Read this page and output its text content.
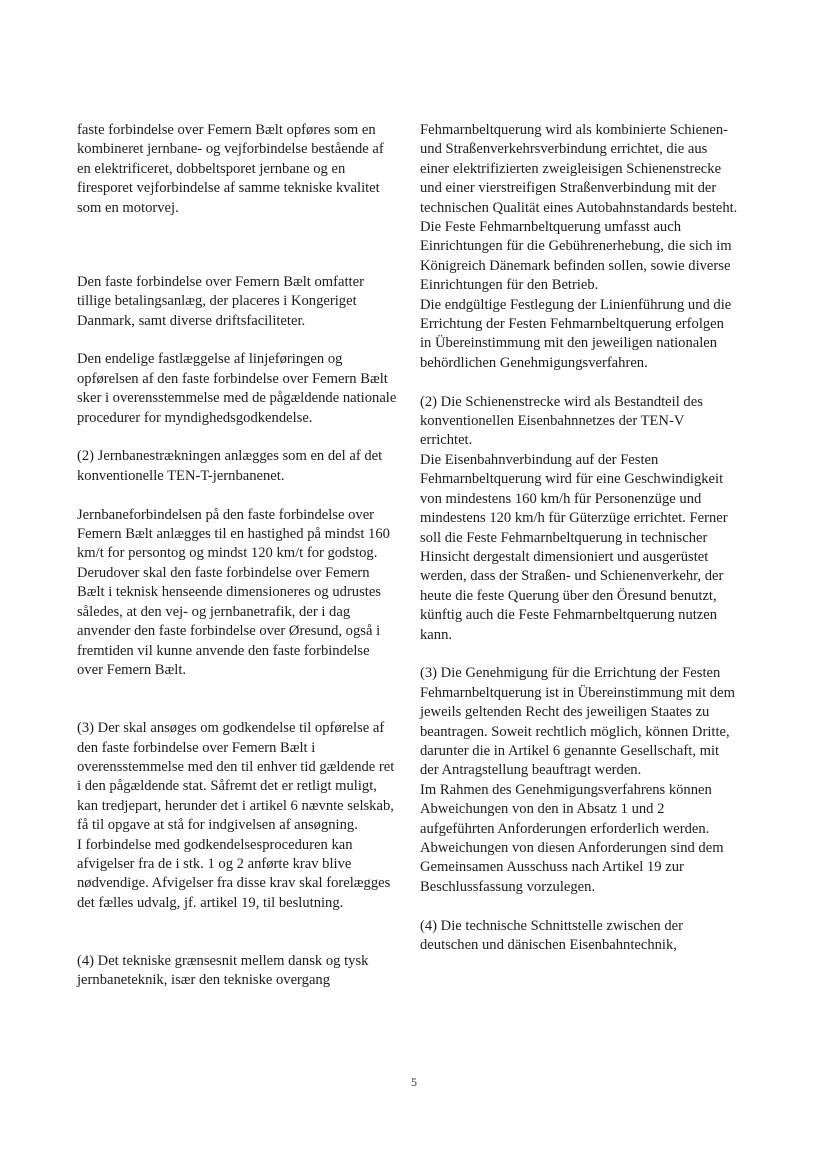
faste forbindelse over Femern Bælt opføres som en kombineret jernbane- og vejforbindelse bestående af en elektrificeret, dobbeltsporet jernbane og en firesporet vejforbindelse af samme tekniske kvalitet som en motorvej.

Den faste forbindelse over Femern Bælt omfatter tillige betalingsanlæg, der placeres i Kongeriget Danmark, samt diverse driftsfaciliteter.

Den endelige fastlæggelse af linjeføringen og opførelsen af den faste forbindelse over Femern Bælt sker i overensstemmelse med de pågældende nationale procedurer for myndighedsgodkendelse.

(2) Jernbanestrækningen anlægges som en del af det konventionelle TEN-T-jernbanenet.

Jernbaneforbindelsen på den faste forbindelse over Femern Bælt anlægges til en hastighed på mindst 160 km/t for persontog og mindst 120 km/t for godstog. Derudover skal den faste forbindelse over Femern Bælt i teknisk henseende dimensioneres og udrustes således, at den vej- og jernbanetrafik, der i dag anvender den faste forbindelse over Øresund, også i fremtiden vil kunne anvende den faste forbindelse over Femern Bælt.

(3) Der skal ansøges om godkendelse til opførelse af den faste forbindelse over Femern Bælt i overensstemmelse med den til enhver tid gældende ret i den pågældende stat. Såfremt det er retligt muligt, kan tredjepart, herunder det i artikel 6 nævnte selskab, få til opgave at stå for indgivelsen af ansøgning.

I forbindelse med godkendelsesproceduren kan afvigelser fra de i stk. 1 og 2 anførte krav blive nødvendige. Afvigelser fra disse krav skal forelægges det fælles udvalg, jf. artikel 19, til beslutning.

(4) Det tekniske grænsesnit mellem dansk og tysk jernbaneteknik, især den tekniske overgang

Fehmarnbeltquerung wird als kombinierte Schienen- und Straßenverkehrsverbindung errichtet, die aus einer elektrifizierten zweigleisigen Schienenstrecke und einer vierstreifigen Straßenverbindung mit der technischen Qualität eines Autobahnstandards besteht.

Die Feste Fehmarnbeltquerung umfasst auch Einrichtungen für die Gebührenerhebung, die sich im Königreich Dänemark befinden sollen, sowie diverse Einrichtungen für den Betrieb.

Die endgültige Festlegung der Linienführung und die Errichtung der Festen Fehmarnbeltquerung erfolgen in Übereinstimmung mit den jeweiligen nationalen behördlichen Genehmigungsverfahren.

(2) Die Schienenstrecke wird als Bestandteil des konventionellen Eisenbahnnetzes der TEN-V errichtet.

Die Eisenbahnverbindung auf der Festen Fehmarnbeltquerung wird für eine Geschwindigkeit von mindestens 160 km/h für Personenzüge und mindestens 120 km/h für Güterzüge errichtet. Ferner soll die Feste Fehmarnbeltquerung in technischer Hinsicht dergestalt dimensioniert und ausgerüstet werden, dass der Straßen- und Schienenverkehr, der heute die feste Querung über den Öresund benutzt, künftig auch die Feste Fehmarnbeltquerung nutzen kann.

(3) Die Genehmigung für die Errichtung der Festen Fehmarnbeltquerung ist in Übereinstimmung mit dem jeweils geltenden Recht des jeweiligen Staates zu beantragen. Soweit rechtlich möglich, können Dritte, darunter die in Artikel 6 genannte Gesellschaft, mit der Antragstellung beauftragt werden.

Im Rahmen des Genehmigungsverfahrens können Abweichungen von den in Absatz 1 und 2 aufgeführten Anforderungen erforderlich werden. Abweichungen von diesen Anforderungen sind dem Gemeinsamen Ausschuss nach Artikel 19 zur Beschlussfassung vorzulegen.

(4) Die technische Schnittstelle zwischen der deutschen und dänischen Eisenbahntechnik,

5
